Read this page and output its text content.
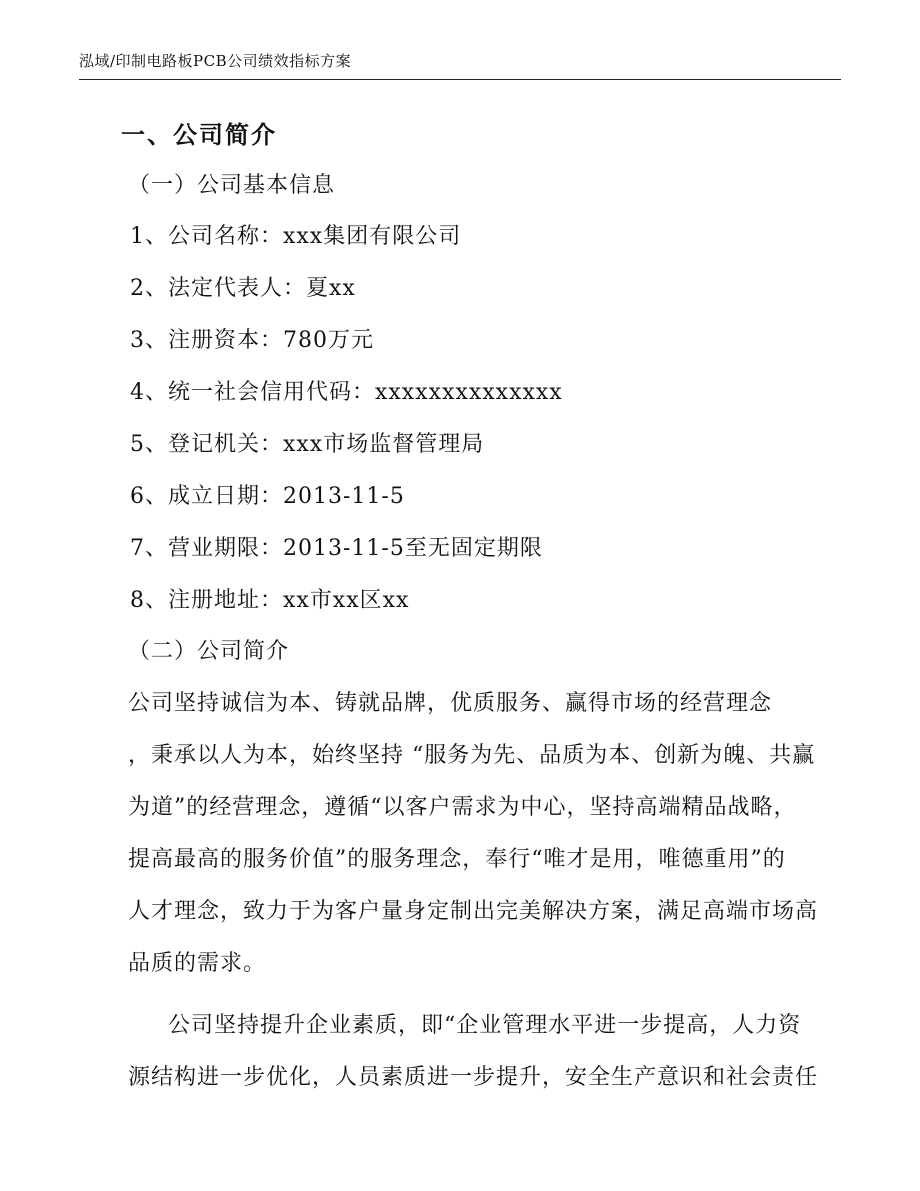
泓域/印制电路板PCB公司绩效指标方案
一、公司简介
（一）公司基本信息
1、公司名称：xxx集团有限公司
2、法定代表人：夏xx
3、注册资本：780万元
4、统一社会信用代码：xxxxxxxxxxxxxx
5、登记机关：xxx市场监督管理局
6、成立日期：2013-11-5
7、营业期限：2013-11-5至无固定期限
8、注册地址：xx市xx区xx
（二）公司简介
公司坚持诚信为本、铸就品牌，优质服务、赢得市场的经营理念
，秉承以人为本，始终坚持 “服务为先、品质为本、创新为魄、共赢
为道”的经营理念，遵循“以客户需求为中心，坚持高端精品战略，
提高最高的服务价值”的服务理念，奉行“唯才是用，唯德重用”的
人才理念，致力于为客户量身定制出完美解决方案，满足高端市场高
品质的需求。
公司坚持提升企业素质，即“企业管理水平进一步提高，人力资
源结构进一步优化，人员素质进一步提升，安全生产意识和社会责任
